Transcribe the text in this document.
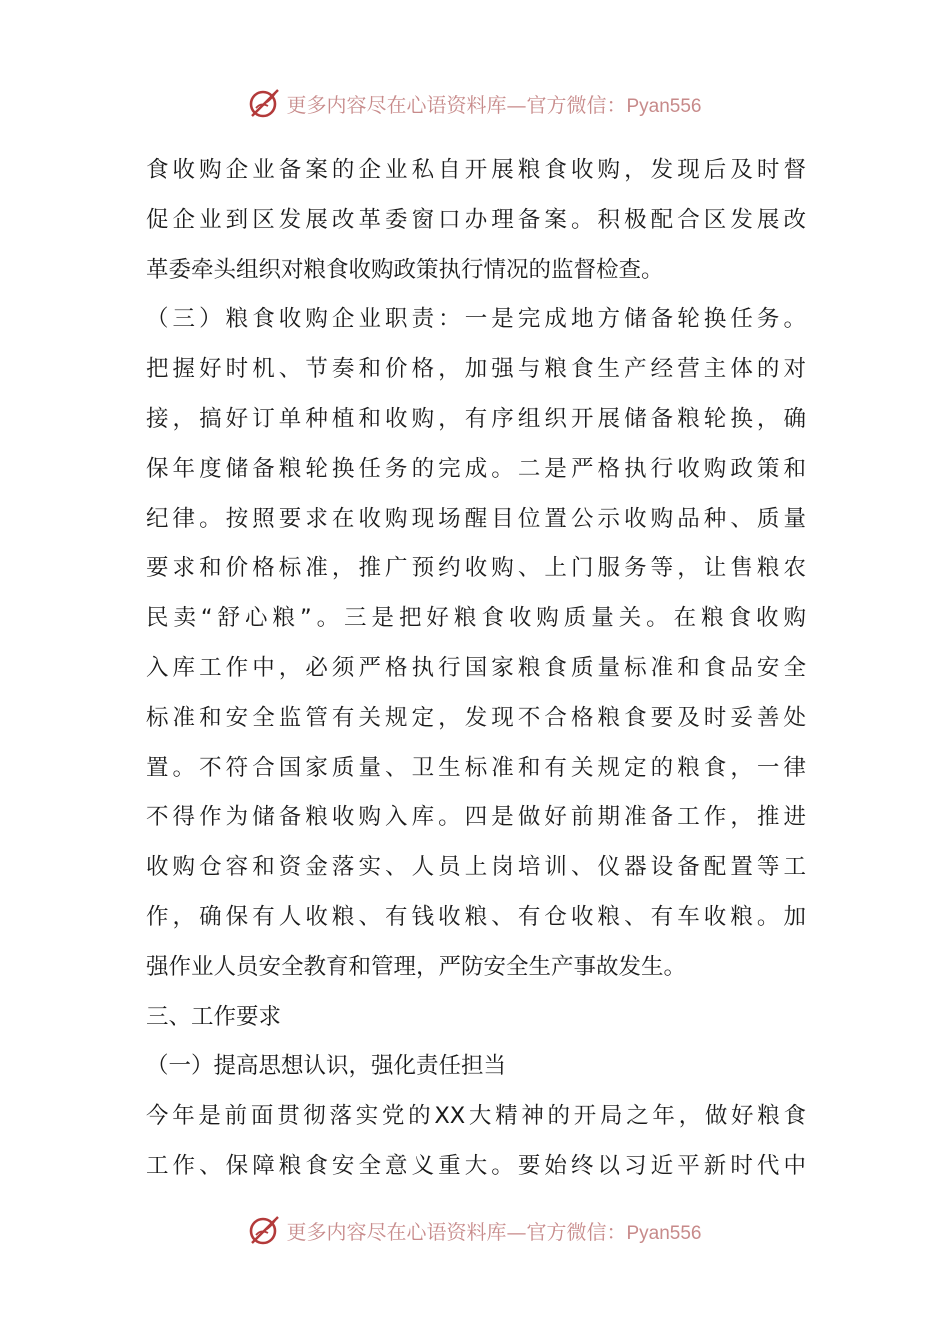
更多内容尽在心语资料库—官方微信：Pyan556
食收购企业备案的企业私自开展粮食收购，发现后及时督
促企业到区发展改革委窗口办理备案。积极配合区发展改
革委牵头组织对粮食收购政策执行情况的监督检查。
（三）粮食收购企业职责：一是完成地方储备轮换任务。
把握好时机、节奏和价格，加强与粮食生产经营主体的对
接，搞好订单种植和收购，有序组织开展储备粮轮换，确
保年度储备粮轮换任务的完成。二是严格执行收购政策和
纪律。按照要求在收购现场醒目位置公示收购品种、质量
要求和价格标准，推广预约收购、上门服务等，让售粮农
民卖“舒心粮”。三是把好粮食收购质量关。在粮食收购
入库工作中，必须严格执行国家粮食质量标准和食品安全
标准和安全监管有关规定，发现不合格粮食要及时妥善处
置。不符合国家质量、卫生标准和有关规定的粮食，一律
不得作为储备粮收购入库。四是做好前期准备工作，推进
收购仓容和资金落实、人员上岗培训、仪器设备配置等工
作，确保有人收粮、有钱收粮、有仓收粮、有车收粮。加
强作业人员安全教育和管理，严防安全生产事故发生。
三、工作要求
（一）提高思想认识，强化责任担当
今年是前面贯彻落实党的XX大精神的开局之年，做好粮食
工作、保障粮食安全意义重大。要始终以习近平新时代中
更多内容尽在心语资料库—官方微信：Pyan556
